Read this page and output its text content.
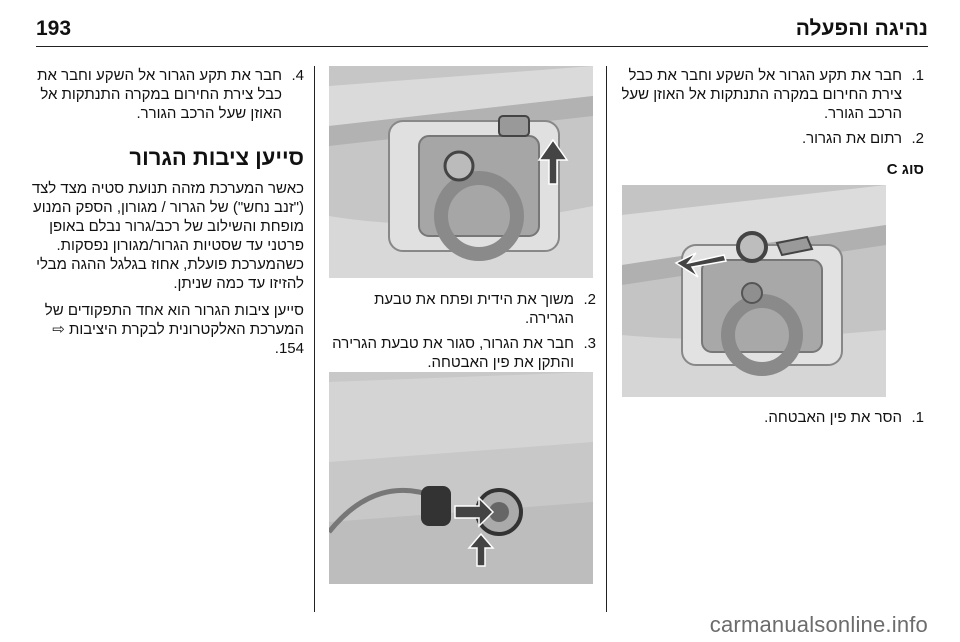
193	נהיגה והפעלה

1.
חבר את תקע הגרור אל השקע וחבר את כבל צירת החירום במקרה התנתקות אל האוזן שעל הרכב הגורר.

2.
רתום את הגרור.

סוג C

1.
הסר את פין האבטחה.

2.
משוך את הידית ופתח את טבעת הגרירה.

3.
חבר את הגרור, סגור את טבעת הגרירה והתקן את פין האבטחה.

4.
חבר את תקע הגרור אל השקע וחבר את כבל צירת החירום במקרה התנתקות אל האוזן שעל הרכב הגורר.

סייען ציבות הגרור

כאשר המערכת מזהה תנועת סטיה מצד לצד ("זנב נחש") של הגרור / מגורון, הספק המנוע מופחת והשילוב של רכב/גרור נבלם באופן פרטני עד שסטיות הגרור/מגורון נפסקות. כשהמערכת פועלת, אחוז בגלגל ההגה מבלי להזיזו עד כמה שניתן.

סייען ציבות הגרור הוא אחד התפקודים של המערכת האלקטרונית לבקרת היציבות ⇨ 154.

carmanualsonline.info
